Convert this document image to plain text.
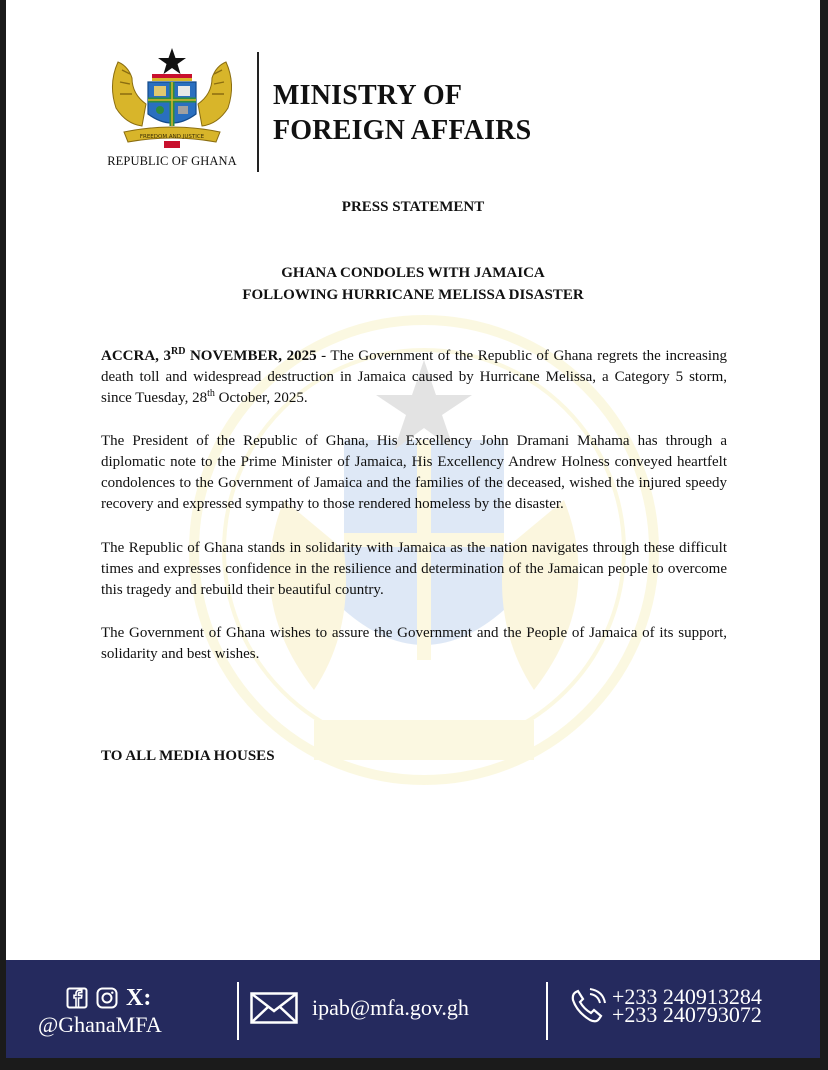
FREEDOM AND JUSTICE
REPUBLIC OF GHANA
MINISTRY OF
FOREIGN AFFAIRS
PRESS STATEMENT
GHANA CONDOLES WITH JAMAICA
FOLLOWING HURRICANE MELISSA DISASTER
ACCRA, 3RD NOVEMBER, 2025 - The Government of the Republic of Ghana regrets the increasing death toll and widespread destruction in Jamaica caused by Hurricane Melissa, a Category 5 storm, since Tuesday, 28th October, 2025.
The President of the Republic of Ghana, His Excellency John Dramani Mahama has through a diplomatic note to the Prime Minister of Jamaica, His Excellency Andrew Holness conveyed heartfelt condolences to the Government of Jamaica and the families of the deceased, wished the injured speedy recovery and expressed sympathy to those rendered homeless by the disaster.
The Republic of Ghana stands in solidarity with Jamaica as the nation navigates through these difficult times and expresses confidence in the resilience and determination of the Jamaican people to overcome this tragedy and rebuild their beautiful country.
The Government of Ghana wishes to assure the Government and the People of Jamaica of its support, solidarity and best wishes.
TO ALL MEDIA HOUSES
X:
@GhanaMFA
ipab@mfa.gov.gh	+233 240913284
+233 240793072
